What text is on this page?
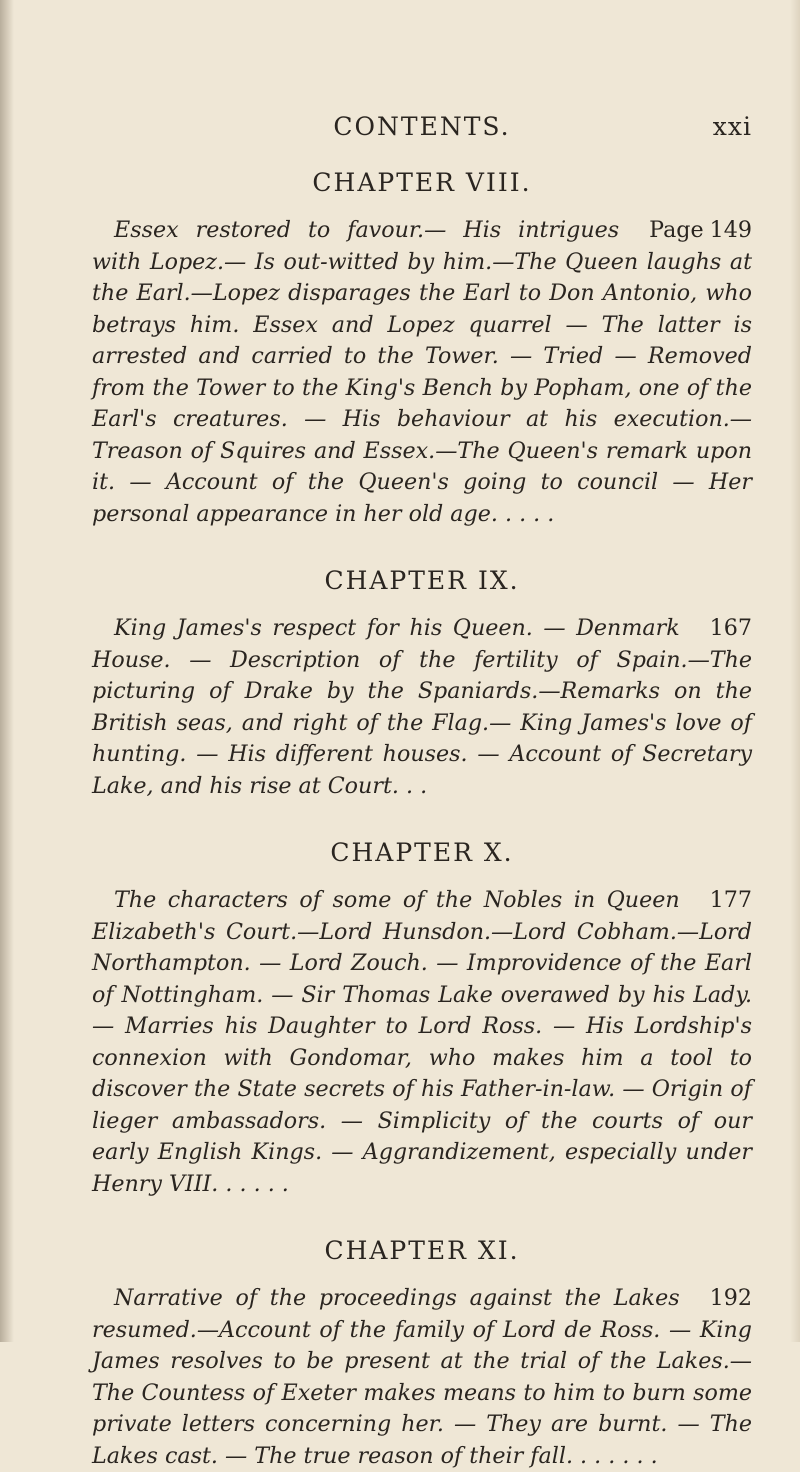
CONTENTS.	xxi
CHAPTER VIII.

Page 149
Essex restored to favour.— His intrigues with Lopez.— Is out-witted by him.—The Queen laughs at the Earl.—Lopez disparages the Earl to Don Antonio, who betrays him. Essex and Lopez quarrel — The latter is arrested and carried to the Tower. — Tried — Removed from the Tower to the King's Bench by Popham, one of the Earl's creatures. — His behaviour at his execution.—Treason of Squires and Essex.—The Queen's remark upon it. — Account of the Queen's going to council — Her personal appearance in her old age. . . . .

CHAPTER IX.

167
King James's respect for his Queen. — Denmark House. — Description of the fertility of Spain.—The picturing of Drake by the Spaniards.—Remarks on the British seas, and right of the Flag.— King James's love of hunting. — His different houses. — Account of Secretary Lake, and his rise at Court. . .

CHAPTER X.

177
The characters of some of the Nobles in Queen Elizabeth's Court.—Lord Hunsdon.—Lord Cobham.—Lord Northampton. — Lord Zouch. — Improvidence of the Earl of Nottingham. — Sir Thomas Lake overawed by his Lady.— Marries his Daughter to Lord Ross. — His Lordship's connexion with Gondomar, who makes him a tool to discover the State secrets of his Father-in-law. — Origin of lieger ambassadors. — Simplicity of the courts of our early English Kings. — Aggrandizement, especially under Henry VIII. . . . . .

CHAPTER XI.

192
Narrative of the proceedings against the Lakes resumed.—Account of the family of Lord de Ross. — King James resolves to be present at the trial of the Lakes.—The Countess of Exeter makes means to him to burn some private letters concerning her. — They are burnt. — The Lakes cast. — The true reason of their fall. . . . . . .
